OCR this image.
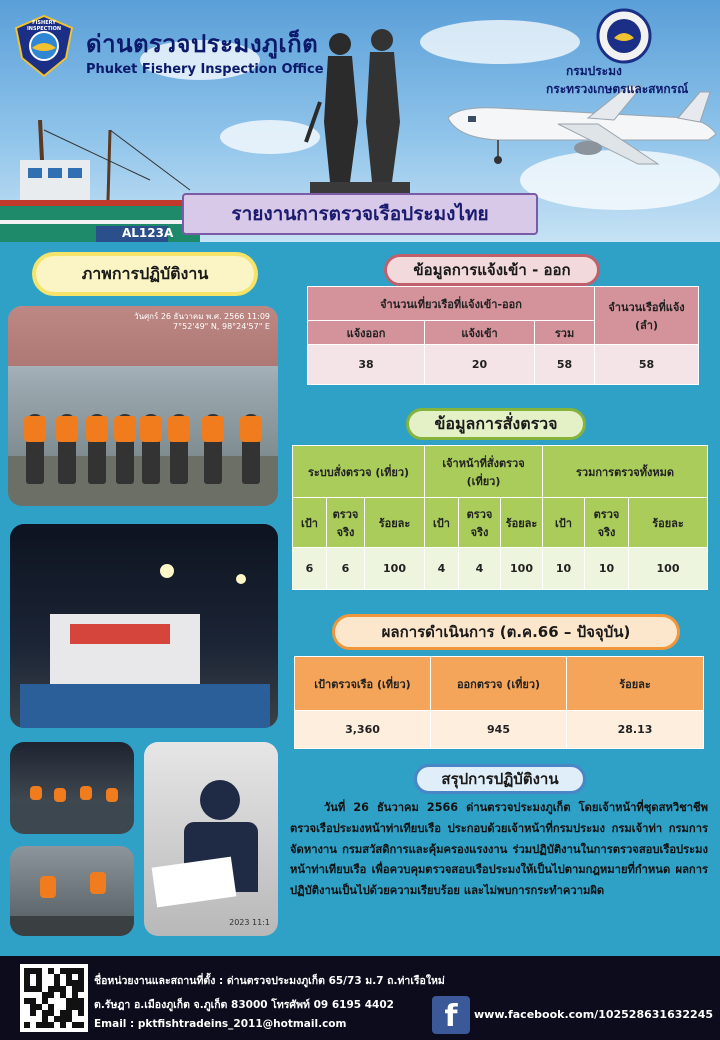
AL123A
FISHERY INSPECTION
ด่านตรวจประมงภูเก็ต
Phuket Fishery Inspection Office	กรมประมง
กระทรวงเกษตรและสหกรณ์
รายงานการตรวจเรือประมงไทย
ภาพการปฏิบัติงาน
วันศุกร์ 26 ธันวาคม พ.ศ. 2566 11:09
7°52'49" N, 98°24'57" E
2023 11:1
ข้อมูลการแจ้งเข้า - ออก
จำนวนเที่ยวเรือที่แจ้งเข้า-ออก			จำนวนเรือที่แจ้ง (ลำ)
แจ้งออก	แจ้งเข้า	รวม	
38	20	58	58
ข้อมูลการสั่งตรวจ
ระบบสั่งตรวจ (เที่ยว)			เจ้าหน้าที่สั่งตรวจ (เที่ยว)			รวมการตรวจทั้งหมด		
เป้า	ตรวจจริง	ร้อยละ	เป้า	ตรวจจริง	ร้อยละ	เป้า	ตรวจจริง	ร้อยละ
6	6	100	4	4	100	10	10	100
ผลการดำเนินการ (ต.ค.66 – ปัจจุบัน)
เป้าตรวจเรือ (เที่ยว)	ออกตรวจ (เที่ยว)	ร้อยละ
3,360	945	28.13
สรุปการปฏิบัติงาน
วันที่ 26 ธันวาคม 2566 ด่านตรวจประมงภูเก็ต โดยเจ้าหน้าที่ชุดสหวิชาชีพตรวจเรือประมงหน้าท่าเทียบเรือ ประกอบด้วยเจ้าหน้าที่กรมประมง กรมเจ้าท่า กรมการจัดหางาน กรมสวัสดิการและคุ้มครองแรงงาน ร่วมปฏิบัติงานในการตรวจสอบเรือประมงหน้าท่าเทียบเรือ เพื่อควบคุมตรวจสอบเรือประมงให้เป็นไปตามกฎหมายที่กำหนด ผลการปฏิบัติงานเป็นไปด้วยความเรียบร้อย และไม่พบการกระทำความผิด
ชื่อหน่วยงานและสถานที่ตั้ง : ด่านตรวจประมงภูเก็ต 65/73 ม.7 ถ.ท่าเรือใหม่
ต.รัษฎา อ.เมืองภูเก็ต จ.ภูเก็ต 83000 โทรศัพท์ 09 6195 4402
Email : pktfishtradeins_2011@hotmail.com	f	www.facebook.com/102528631632245
